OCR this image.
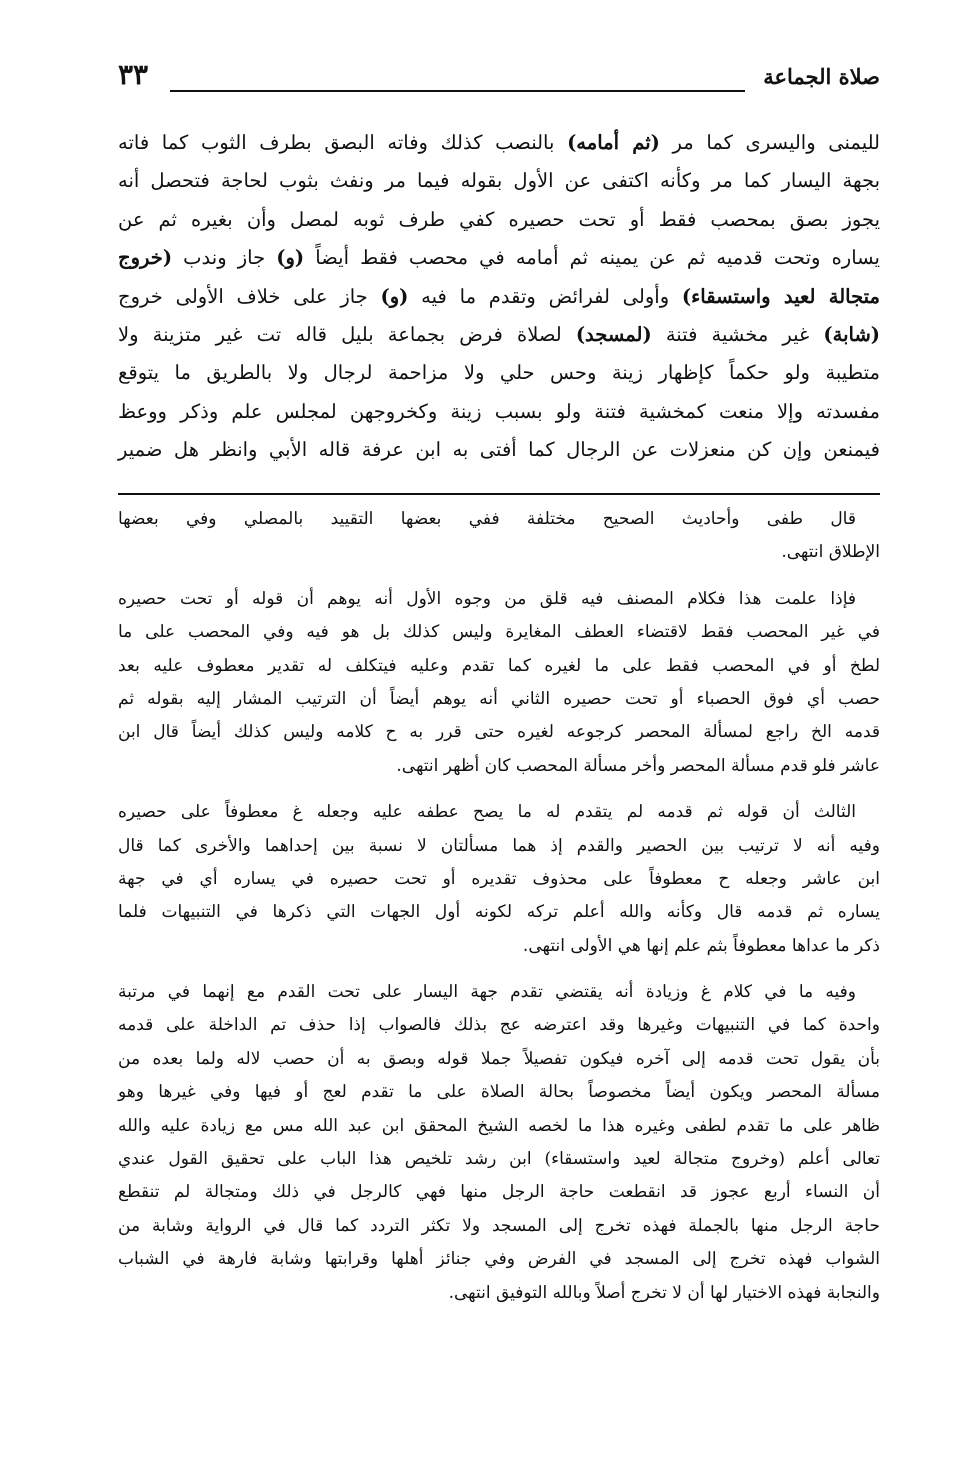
صلاة الجماعة
٣٣
لليمنى واليسرى كما مر (ثم أمامه) بالنصب كذلك وفاته البصق بطرف الثوب كما فاته
بجهة اليسار كما مر وكأنه اكتفى عن الأول بقوله فيما مر ونفث بثوب لحاجة فتحصل أنه
يجوز بصق بمحصب فقط أو تحت حصيره كفي طرف ثوبه لمصل وأن بغيره ثم عن
يساره وتحت قدميه ثم عن يمينه ثم أمامه في محصب فقط أيضاً (و) جاز وندب (خروج
متجالة لعيد واستسقاء) وأولى لفرائض وتقدم ما فيه (و) جاز على خلاف الأولى خروج
(شابة) غير مخشية فتنة (لمسجد) لصلاة فرض بجماعة بليل قاله تت غير متزينة ولا
متطيبة ولو حكماً كإظهار زينة وحس حلي ولا مزاحمة لرجال ولا بالطريق ما يتوقع
مفسدته وإلا منعت كمخشية فتنة ولو بسبب زينة وكخروجهن لمجلس علم وذكر ووعظ
فيمنعن وإن كن منعزلات عن الرجال كما أفتى به ابن عرفة قاله الأبي وانظر هل ضمير
قال طفى وأحاديث الصحيح مختلفة ففي بعضها التقييد بالمصلي وفي بعضها
الإطلاق انتهى.
فإذا علمت هذا فكلام المصنف فيه قلق من وجوه الأول أنه يوهم أن قوله أو تحت حصيره
في غير المحصب فقط لاقتضاء العطف المغايرة وليس كذلك بل هو فيه وفي المحصب على ما
لطخ أو في المحصب فقط على ما لغيره كما تقدم وعليه فيتكلف له تقدير معطوف عليه بعد
حصب أي فوق الحصباء أو تحت حصيره الثاني أنه يوهم أيضاً أن الترتيب المشار إليه بقوله ثم
قدمه الخ راجع لمسألة المحصر كرجوعه لغيره حتى قرر به ح كلامه وليس كذلك أيضاً قال ابن
عاشر فلو قدم مسألة المحصر وأخر مسألة المحصب كان أظهر انتهى.
الثالث أن قوله ثم قدمه لم يتقدم له ما يصح عطفه عليه وجعله غ معطوفاً على حصيره
وفيه أنه لا ترتيب بين الحصير والقدم إذ هما مسألتان لا نسبة بين إحداهما والأخرى كما قال
ابن عاشر وجعله ح معطوفاً على محذوف تقديره أو تحت حصيره في يساره أي في جهة
يساره ثم قدمه قال وكأنه والله أعلم تركه لكونه أول الجهات التي ذكرها في التنبيهات فلما
ذكر ما عداها معطوفاً بثم علم إنها هي الأولى انتهى.
وفيه ما في كلام غ وزيادة أنه يقتضي تقدم جهة اليسار على تحت القدم مع إنهما في مرتبة
واحدة كما في التنبيهات وغيرها وقد اعترضه عج بذلك فالصواب إذا حذف تم الداخلة على قدمه
بأن يقول تحت قدمه إلى آخره فيكون تفصيلاً جملا قوله وبصق به أن حصب لاله ولما بعده من
مسألة المحصر ويكون أيضاً مخصوصاً بحالة الصلاة على ما تقدم لعج أو فيها وفي غيرها وهو
ظاهر على ما تقدم لطفى وغيره هذا ما لخصه الشيخ المحقق ابن عبد الله مس مع زيادة عليه والله
تعالى أعلم (وخروج متجالة لعيد واستسقاء) ابن رشد تلخيص هذا الباب على تحقيق القول عندي
أن النساء أربع عجوز قد انقطعت حاجة الرجل منها فهي كالرجل في ذلك ومتجالة لم تنقطع
حاجة الرجل منها بالجملة فهذه تخرج إلى المسجد ولا تكثر التردد كما قال في الرواية وشابة من
الشواب فهذه تخرج إلى المسجد في الفرض وفي جنائز أهلها وقرابتها وشابة فارهة في الشباب
والنجابة فهذه الاختيار لها أن لا تخرج أصلاً وبالله التوفيق انتهى.
